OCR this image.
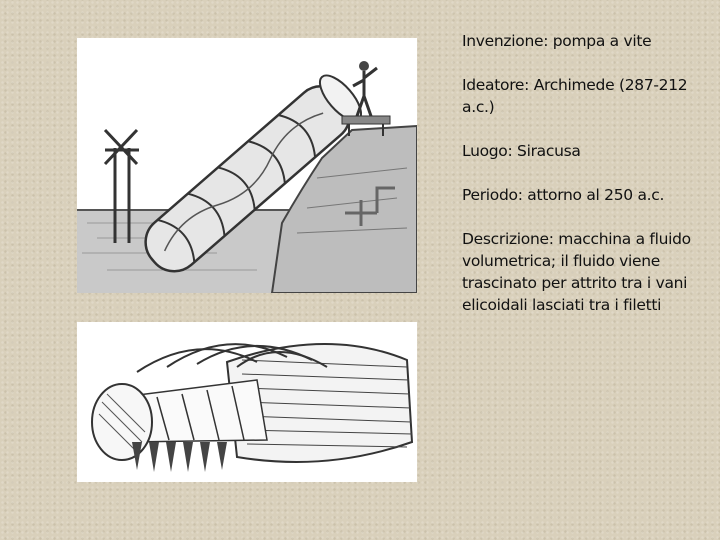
Invenzione: pompa a vite

Ideatore: Archimede (287-212 a.c.)

Luogo: Siracusa

Periodo: attorno al 250 a.c.

Descrizione: macchina a fluido volumetrica; il fluido viene trascinato per attrito tra i vani elicoidali lasciati tra i filetti
